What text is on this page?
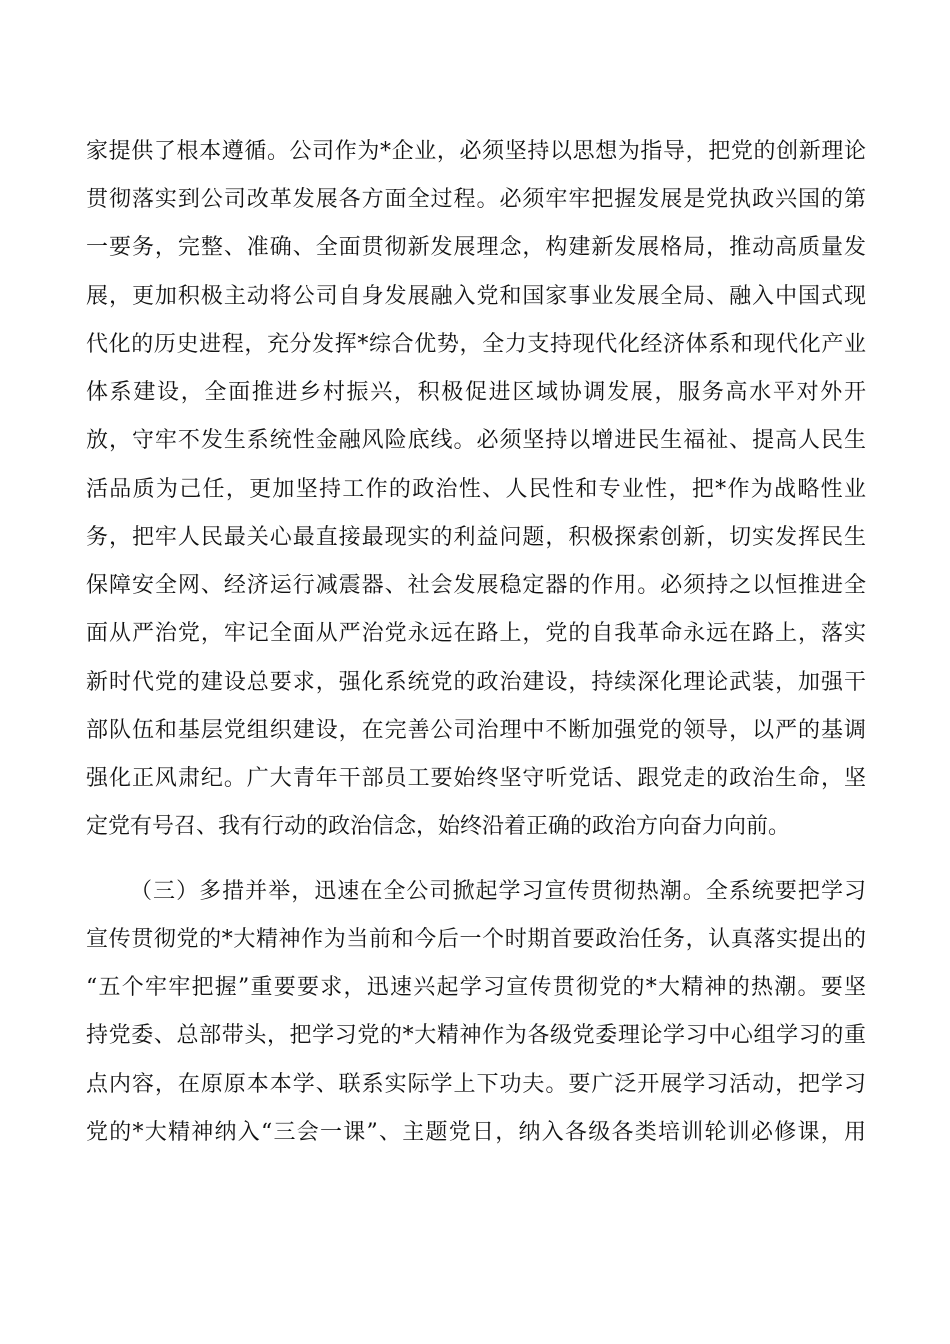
家提供了根本遵循。公司作为*企业，必须坚持以思想为指导，把党的创新理论
贯彻落实到公司改革发展各方面全过程。必须牢牢把握发展是党执政兴国的第
一要务，完整、准确、全面贯彻新发展理念，构建新发展格局，推动高质量发
展，更加积极主动将公司自身发展融入党和国家事业发展全局、融入中国式现
代化的历史进程，充分发挥*综合优势，全力支持现代化经济体系和现代化产业
体系建设，全面推进乡村振兴，积极促进区域协调发展，服务高水平对外开
放，守牢不发生系统性金融风险底线。必须坚持以增进民生福祉、提高人民生
活品质为己任，更加坚持工作的政治性、人民性和专业性，把*作为战略性业
务，把牢人民最关心最直接最现实的利益问题，积极探索创新，切实发挥民生
保障安全网、经济运行减震器、社会发展稳定器的作用。必须持之以恒推进全
面从严治党，牢记全面从严治党永远在路上，党的自我革命永远在路上，落实
新时代党的建设总要求，强化系统党的政治建设，持续深化理论武装，加强干
部队伍和基层党组织建设，在完善公司治理中不断加强党的领导，以严的基调
强化正风肃纪。广大青年干部员工要始终坚守听党话、跟党走的政治生命，坚
定党有号召、我有行动的政治信念，始终沿着正确的政治方向奋力向前。
（三）多措并举，迅速在全公司掀起学习宣传贯彻热潮。全系统要把学习
宣传贯彻党的*大精神作为当前和今后一个时期首要政治任务，认真落实提出的
“五个牢牢把握”重要要求，迅速兴起学习宣传贯彻党的*大精神的热潮。要坚
持党委、总部带头，把学习党的*大精神作为各级党委理论学习中心组学习的重
点内容，在原原本本学、联系实际学上下功夫。要广泛开展学习活动，把学习
党的*大精神纳入“三会一课”、主题党日，纳入各级各类培训轮训必修课，用
